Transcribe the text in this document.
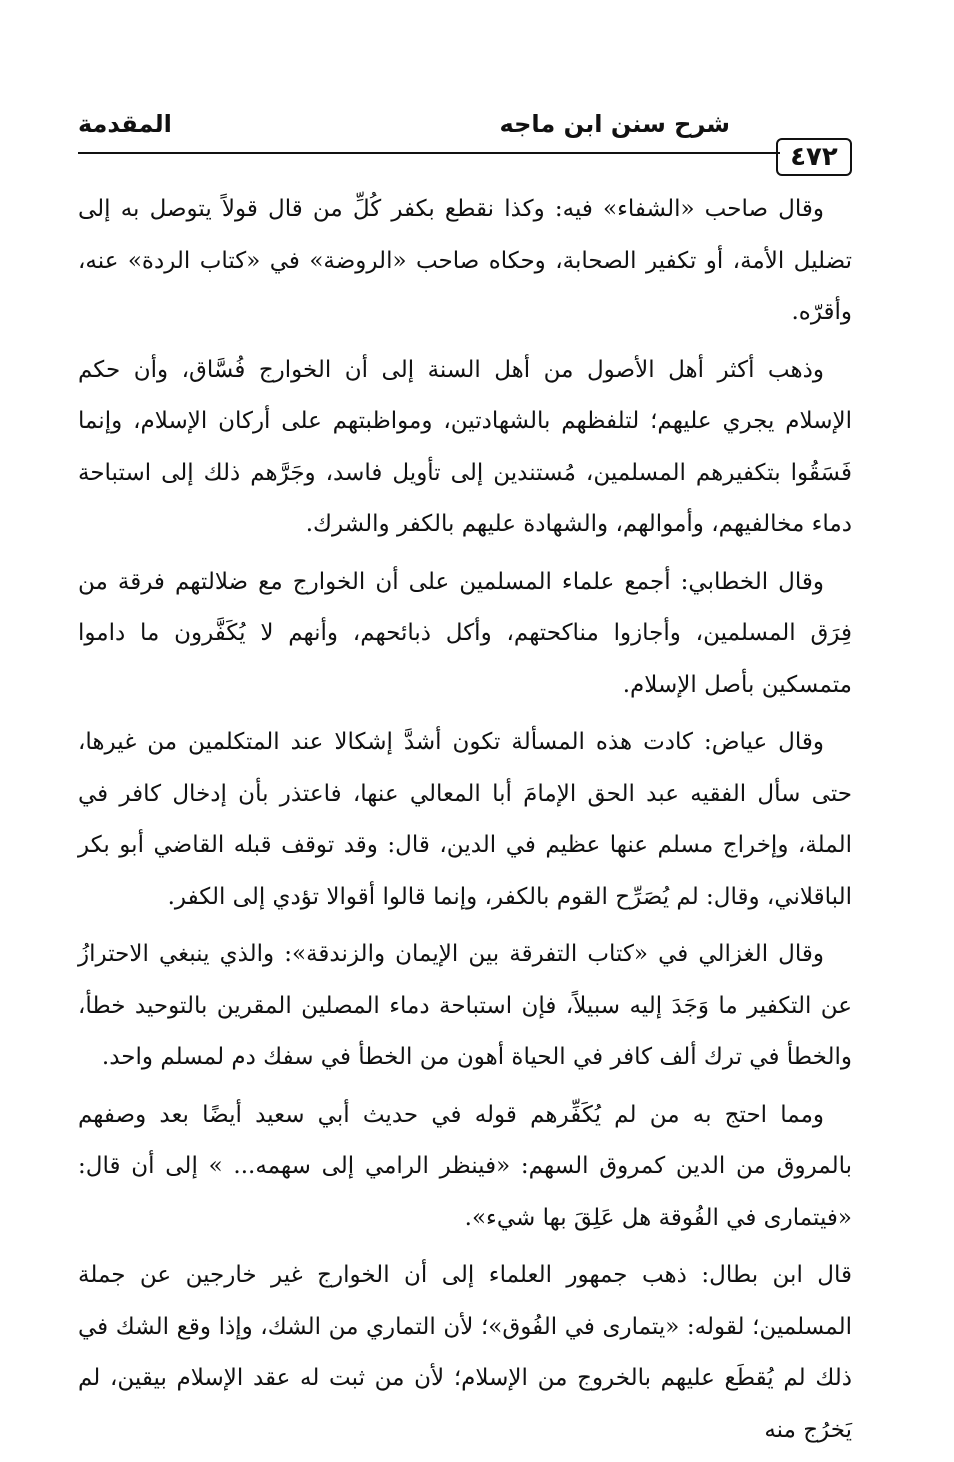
٤٧٢
شرح سنن ابن ماجه
المقدمة

وقال صاحب «الشفاء» فيه: وكذا نقطع بكفر كُلِّ من قال قولاً يتوصل به إلى تضليل الأمة، أو تكفير الصحابة، وحكاه صاحب «الروضة» في «كتاب الردة» عنه، وأقرّه.

وذهب أكثر أهل الأصول من أهل السنة إلى أن الخوارج فُسَّاق، وأن حكم الإسلام يجري عليهم؛ لتلفظهم بالشهادتين، ومواظبتهم على أركان الإسلام، وإنما فَسَقُوا بتكفيرهم المسلمين، مُستندين إلى تأويل فاسد، وجَرَّهم ذلك إلى استباحة دماء مخالفيهم، وأموالهم، والشهادة عليهم بالكفر والشرك.

وقال الخطابي: أجمع علماء المسلمين على أن الخوارج مع ضلالتهم فرقة من فِرَق المسلمين، وأجازوا مناكحتهم، وأكل ذبائحهم، وأنهم لا يُكَفَّرون ما داموا متمسكين بأصل الإسلام.

وقال عياض: كادت هذه المسألة تكون أشدَّ إشكالا عند المتكلمين من غيرها، حتى سأل الفقيه عبد الحق الإمامَ أبا المعالي عنها، فاعتذر بأن إدخال كافر في الملة، وإخراج مسلم عنها عظيم في الدين، قال: وقد توقف قبله القاضي أبو بكر الباقلاني، وقال: لم يُصَرِّح القوم بالكفر، وإنما قالوا أقوالا تؤدي إلى الكفر.

وقال الغزالي في «كتاب التفرقة بين الإيمان والزندقة»: والذي ينبغي الاحترازُ عن التكفير ما وَجَدَ إليه سبيلاً، فإن استباحة دماء المصلين المقرين بالتوحيد خطأ، والخطأ في ترك ألف كافر في الحياة أهون من الخطأ في سفك دم لمسلم واحد.

ومما احتج به من لم يُكَفِّرهم قوله في حديث أبي سعيد أيضًا بعد وصفهم بالمروق من الدين كمروق السهم: «فينظر الرامي إلى سهمه... » إلى أن قال: «فيتمارى في الفُوقة هل عَلِقَ بها شيء».

قال ابن بطال: ذهب جمهور العلماء إلى أن الخوارج غير خارجين عن جملة المسلمين؛ لقوله: «يتمارى في الفُوق»؛ لأن التماري من الشك، وإذا وقع الشك في ذلك لم يُقطَع عليهم بالخروج من الإسلام؛ لأن من ثبت له عقد الإسلام بيقين، لم يَخرُج منه
